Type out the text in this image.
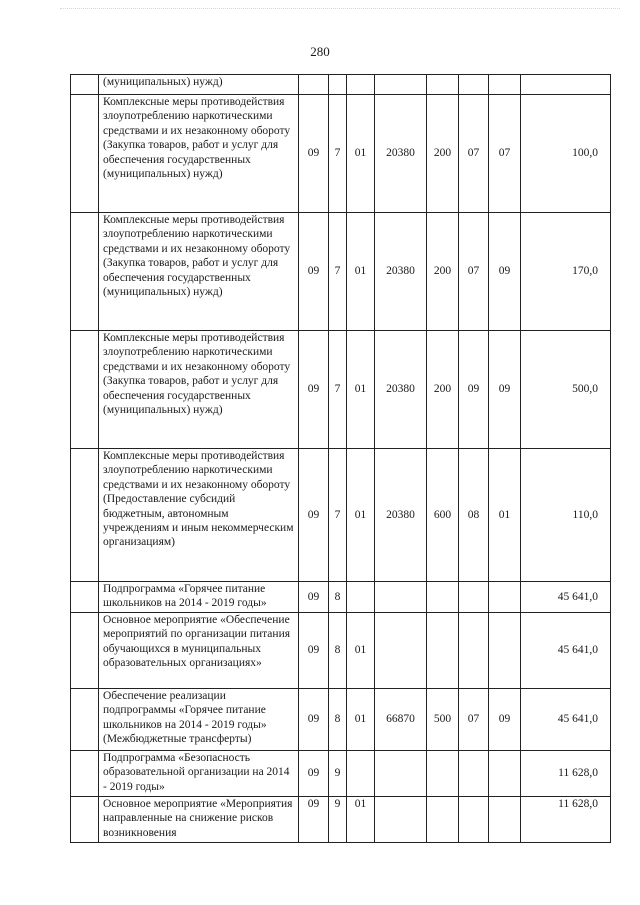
280
	(муниципальных) нужд)								
	Комплексные меры противодействия злоупотреблению наркотическими средствами и их незаконному обороту (Закупка товаров, работ и услуг для обеспечения государственных (муниципальных) нужд)	09	7	01	20380	200	07	07	100,0
	Комплексные меры противодействия злоупотреблению наркотическими средствами и их незаконному обороту (Закупка товаров, работ и услуг для обеспечения государственных (муниципальных) нужд)	09	7	01	20380	200	07	09	170,0
	Комплексные меры противодействия злоупотреблению наркотическими средствами и их незаконному обороту (Закупка товаров, работ и услуг для обеспечения государственных (муниципальных) нужд)	09	7	01	20380	200	09	09	500,0
	Комплексные меры противодействия злоупотреблению наркотическими средствами и их незаконному обороту (Предоставление субсидий бюджетным, автономным учреждениям и иным некоммерческим организациям)	09	7	01	20380	600	08	01	110,0
	Подпрограмма «Горячее питание школьников на 2014 - 2019 годы»	09	8						45 641,0
	Основное мероприятие «Обеспечение мероприятий по организации питания обучающихся в муниципальных образовательных организациях»	09	8	01					45 641,0
	Обеспечение реализации подпрограммы «Горячее питание школьников на 2014 - 2019 годы» (Межбюджетные трансферты)	09	8	01	66870	500	07	09	45 641,0
	Подпрограмма «Безопасность образовательной организации на 2014 - 2019 годы»	09	9						11 628,0
	Основное мероприятие «Мероприятия направленные на снижение рисков возникновения	09	9	01					11 628,0
